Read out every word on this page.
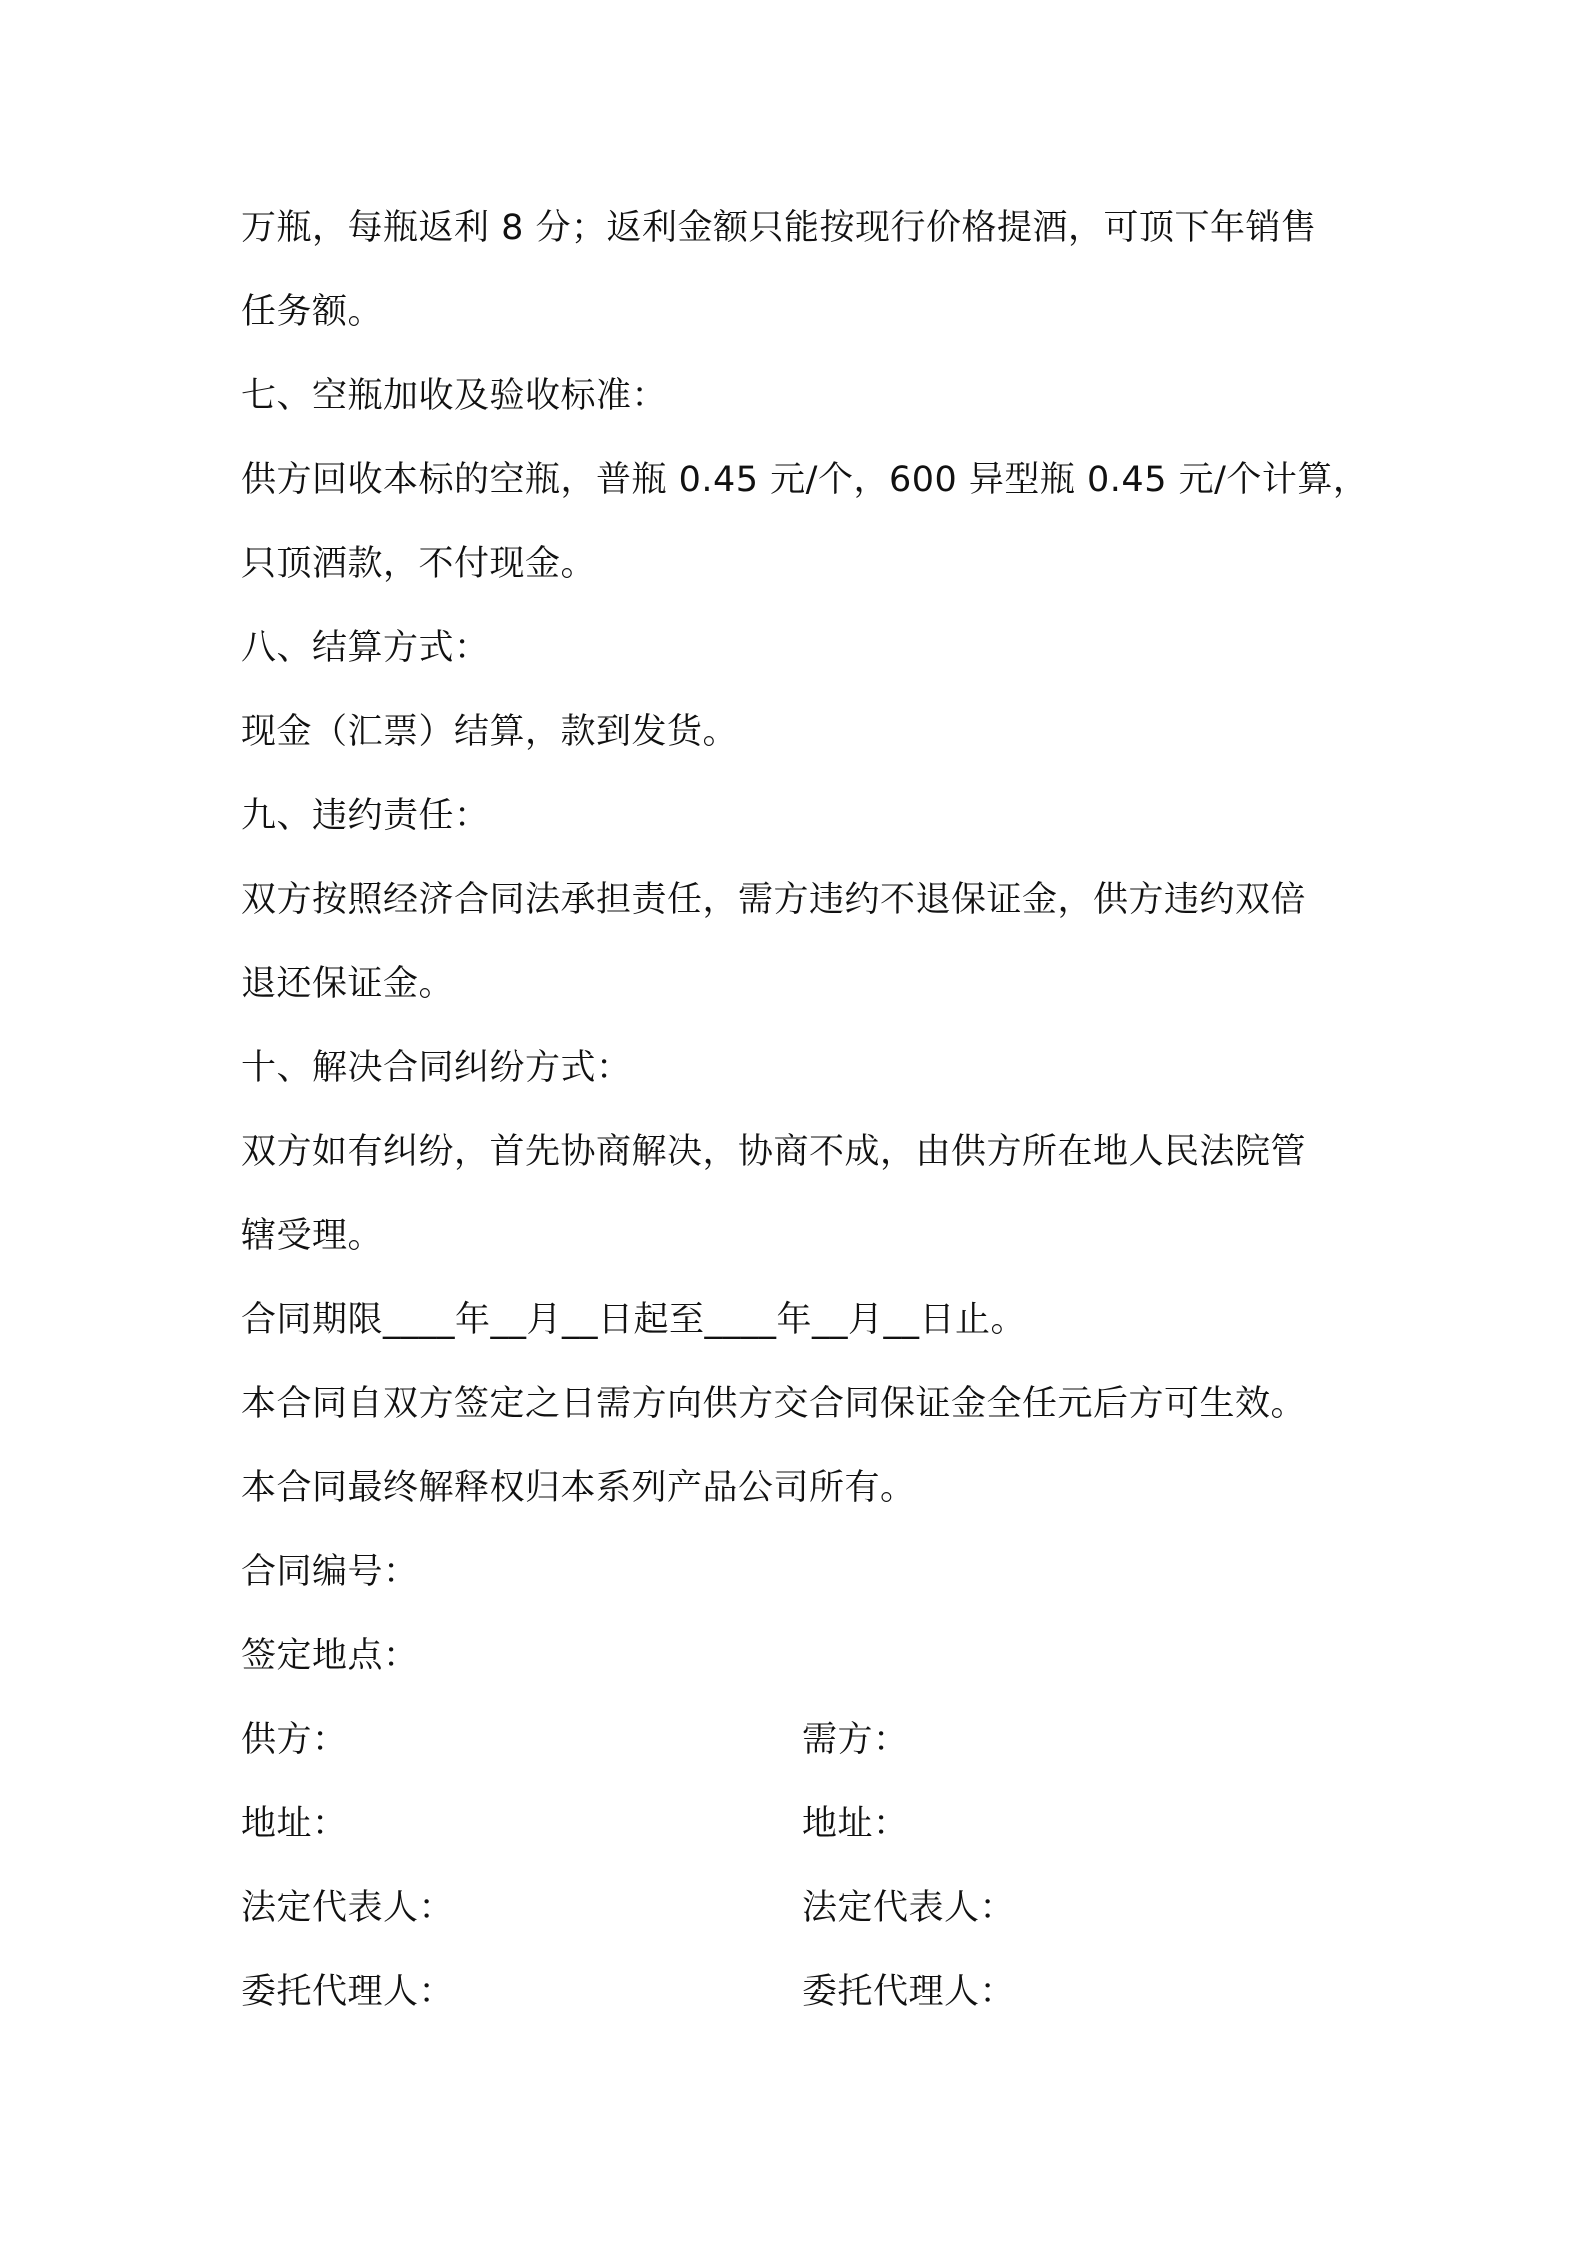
万瓶，每瓶返利 8 分；返利金额只能按现行价格提酒，可顶下年销售
任务额。
七、空瓶加收及验收标准：
供方回收本标的空瓶，普瓶 0.45 元/个，600 异型瓶 0.45 元/个计算，
只顶酒款，不付现金。
八、结算方式：
现金（汇票）结算，款到发货。
九、违约责任：
双方按照经济合同法承担责任，需方违约不退保证金，供方违约双倍
退还保证金。
十、解决合同纠纷方式：
双方如有纠纷，首先协商解决，协商不成，由供方所在地人民法院管
辖受理。
合同期限____年__月__日起至____年__月__日止。
本合同自双方签定之日需方向供方交合同保证金全任元后方可生效。
本合同最终解释权归本系列产品公司所有。
合同编号：
签定地点：
供方：	需方：
地址：	地址：
法定代表人：	法定代表人：
委托代理人：	委托代理人：
